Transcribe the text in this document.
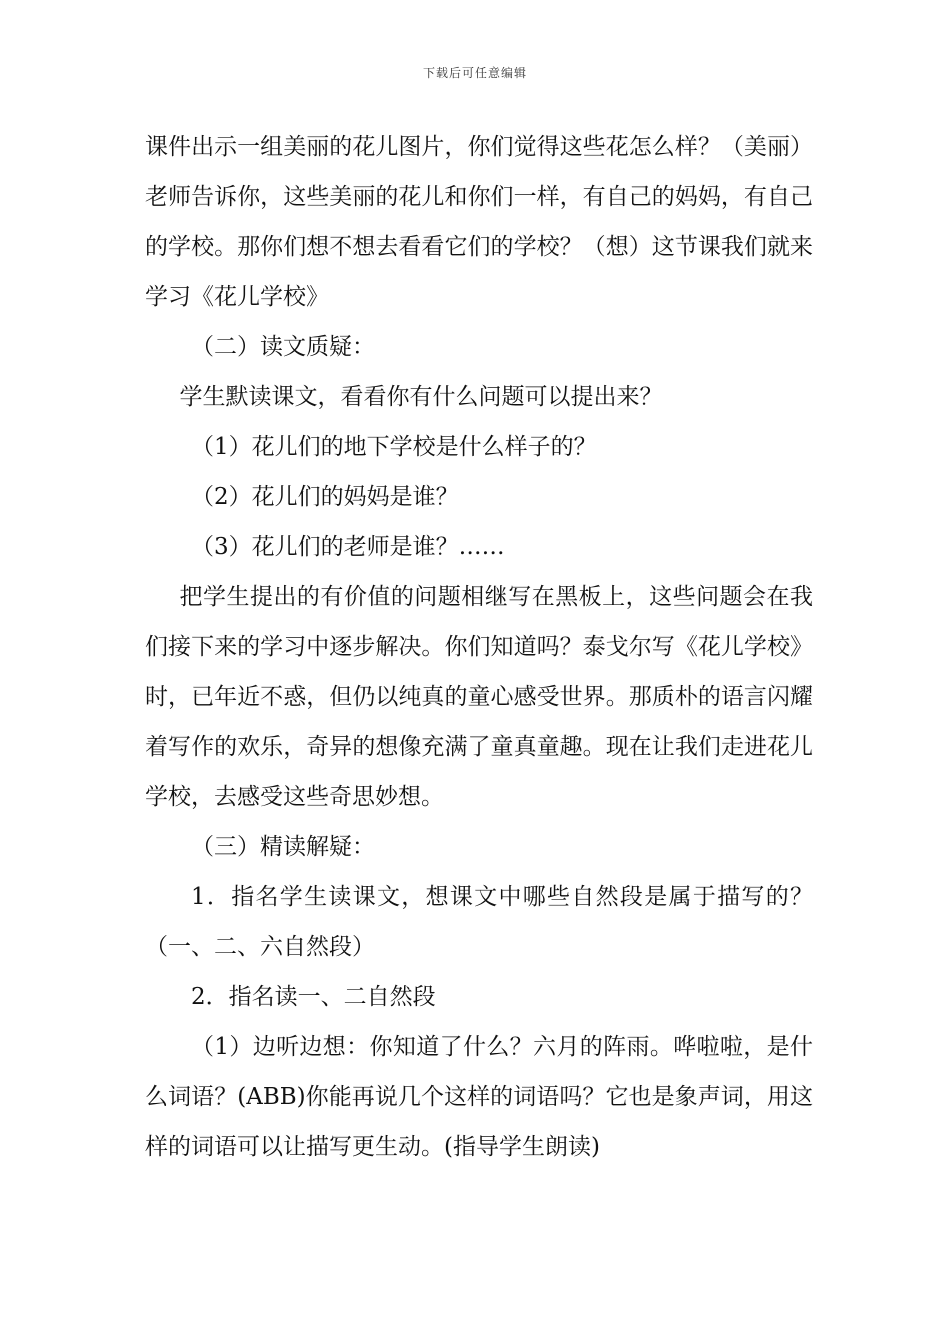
下载后可任意编辑

课件出示一组美丽的花儿图片，你们觉得这些花怎么样？（美丽）老师告诉你，这些美丽的花儿和你们一样，有自己的妈妈，有自己的学校。那你们想不想去看看它们的学校？（想）这节课我们就来学习《花儿学校》

（二）读文质疑：

学生默读课文，看看你有什么问题可以提出来？

（1）花儿们的地下学校是什么样子的？

（2）花儿们的妈妈是谁？

（3）花儿们的老师是谁？……

把学生提出的有价值的问题相继写在黑板上，这些问题会在我们接下来的学习中逐步解决。你们知道吗？泰戈尔写《花儿学校》时，已年近不惑，但仍以纯真的童心感受世界。那质朴的语言闪耀着写作的欢乐，奇异的想像充满了童真童趣。现在让我们走进花儿学校，去感受这些奇思妙想。

（三）精读解疑：

1．指名学生读课文，想课文中哪些自然段是属于描写的？（一、二、六自然段）

2．指名读一、二自然段

（1）边听边想：你知道了什么？六月的阵雨。哗啦啦，是什么词语？(ABB)你能再说几个这样的词语吗？它也是象声词，用这样的词语可以让描写更生动。(指导学生朗读)
